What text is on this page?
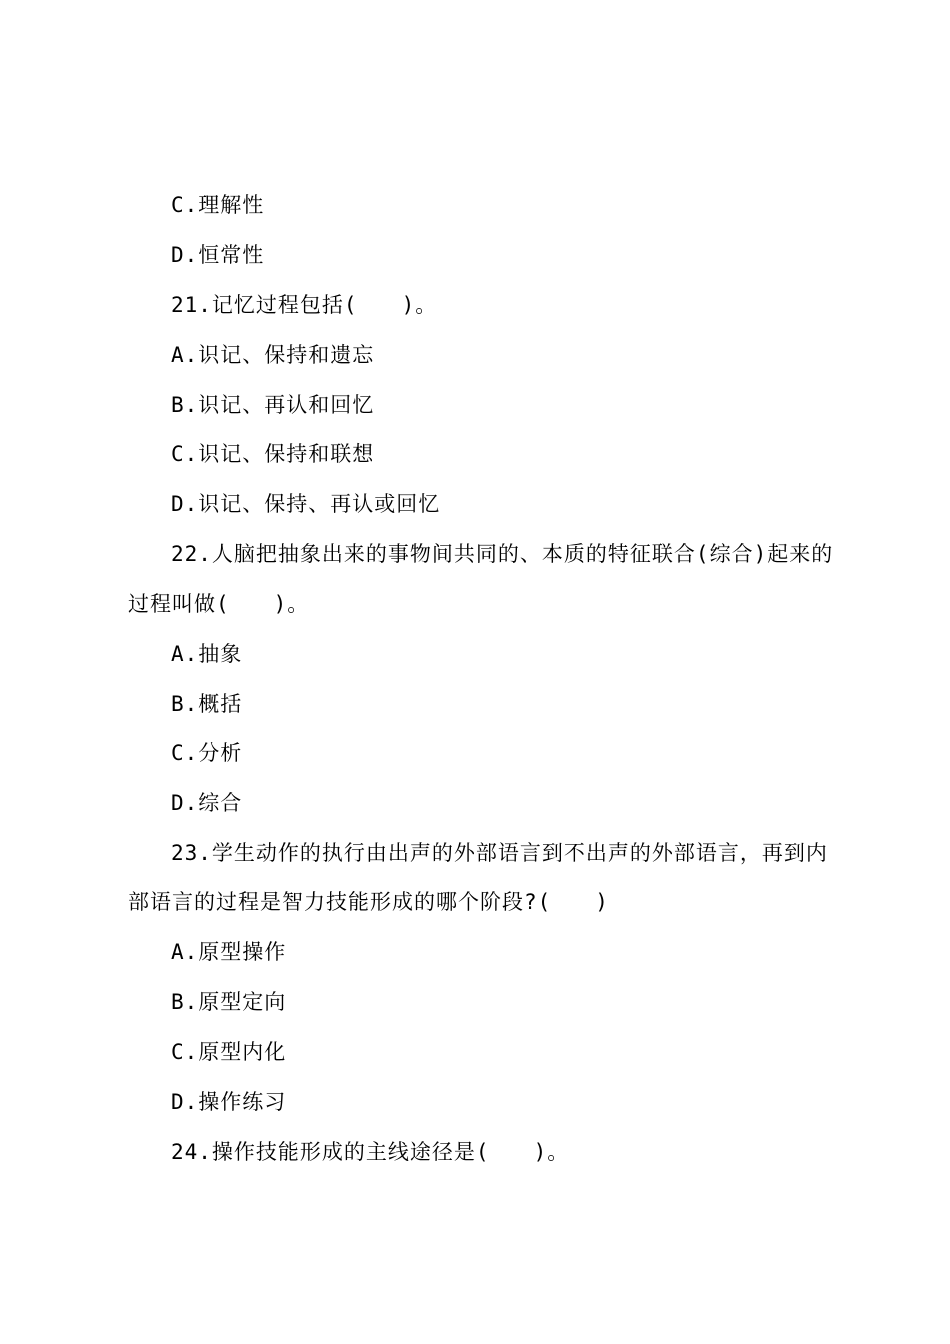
C.理解性
D.恒常性
21.记忆过程包括(　　)。
A.识记、保持和遗忘
B.识记、再认和回忆
C.识记、保持和联想
D.识记、保持、再认或回忆
22.人脑把抽象出来的事物间共同的、本质的特征联合(综合)起来的
过程叫做(　　)。
A.抽象
B.概括
C.分析
D.综合
23.学生动作的执行由出声的外部语言到不出声的外部语言，再到内
部语言的过程是智力技能形成的哪个阶段?(　　)
A.原型操作
B.原型定向
C.原型内化
D.操作练习
24.操作技能形成的主线途径是(　　)。
